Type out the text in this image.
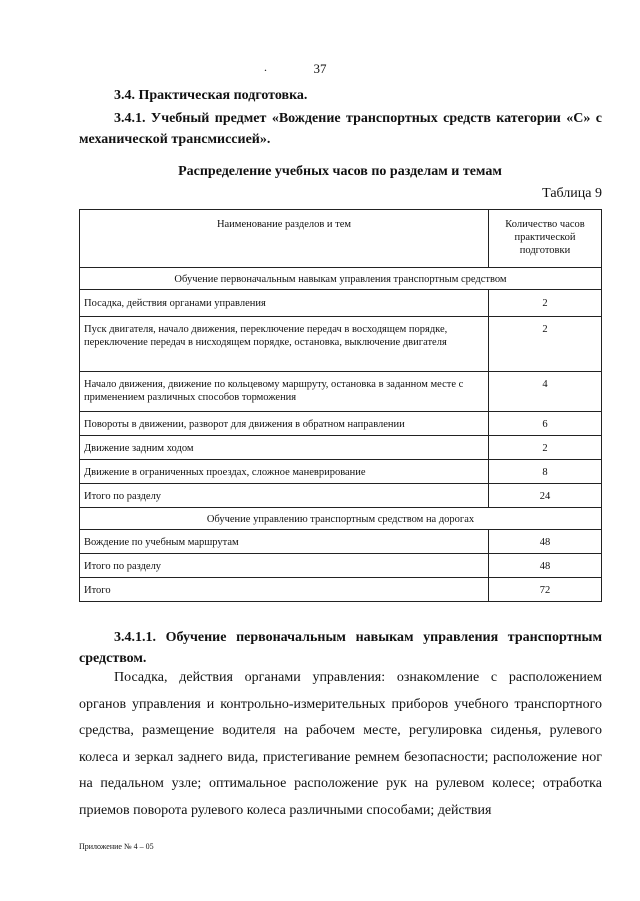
37
.
3.4. Практическая подготовка.
3.4.1. Учебный предмет «Вождение транспортных средств категории «С» с механической трансмиссией».
Распределение учебных часов по разделам и темам
Таблица 9
Наименование разделов и тем	Количество часов практической подготовки
Обучение первоначальным навыкам управления транспортным средством	
Посадка, действия органами управления	2
Пуск двигателя, начало движения, переключение передач в восходящем порядке, переключение передач в нисходящем порядке, остановка, выключение двигателя	2
Начало движения, движение по кольцевому маршруту, остановка в заданном месте с применением различных способов торможения	4
Повороты в движении, разворот для движения в обратном направлении	6
Движение задним ходом	2
Движение в ограниченных проездах, сложное маневрирование	8
Итого по разделу	24
Обучение управлению транспортным средством на дорогах	
Вождение по учебным маршрутам	48
Итого по разделу	48
Итого	72
3.4.1.1. Обучение первоначальным навыкам управления транспортным средством.
Посадка, действия органами управления: ознакомление с расположением органов управления и контрольно-измерительных приборов учебного транспортного средства, размещение водителя на рабочем месте, регулировка сиденья, рулевого колеса и зеркал заднего вида, пристегивание ремнем безопасности; расположение ног на педальном узле; оптимальное расположение рук на рулевом колесе; отработка приемов поворота рулевого колеса различными способами; действия
Приложение № 4 – 05
